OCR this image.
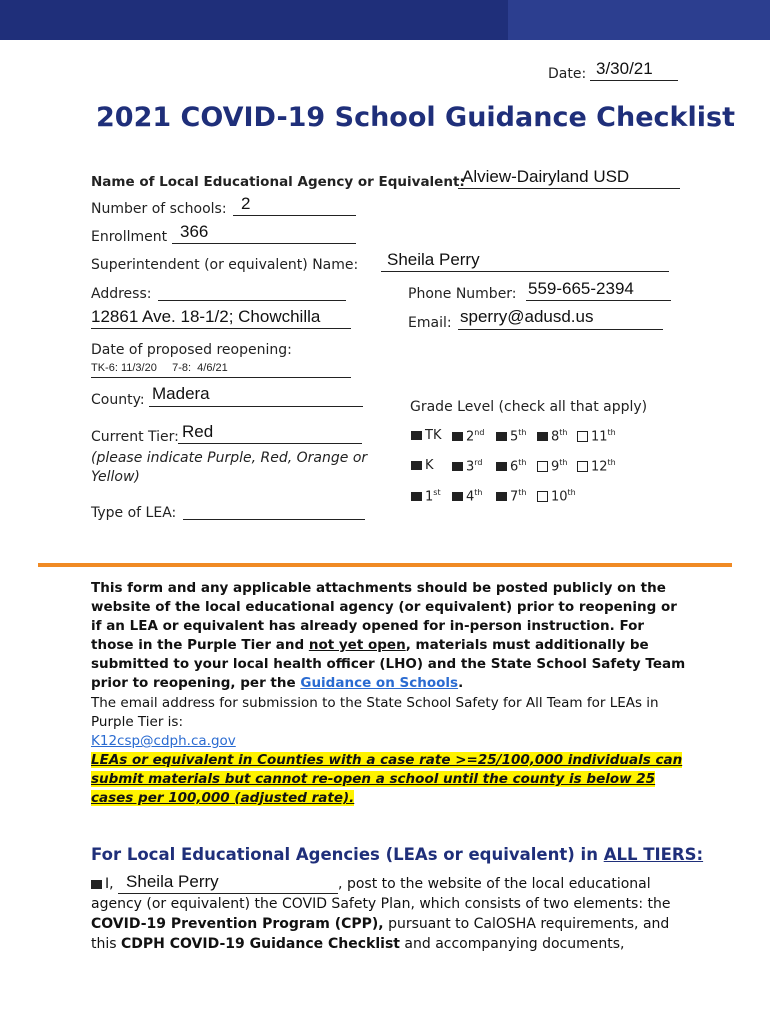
Date: 3/30/21
2021 COVID-19 School Guidance Checklist
Name of Local Educational Agency or Equivalent:
Alview-Dairyland USD
Number of schools: 2
Enrollment 366
Superintendent (or equivalent) Name: Sheila Perry
Address:
12861 Ave. 18-1/2; Chowchilla
Phone Number: 559-665-2394
Email: sperry@adusd.us
Date of proposed reopening:
TK-6: 11/3/20     7-8:  4/6/21
County: Madera
Grade Level (check all that apply)
Current Tier: Red
(please indicate Purple, Red, Orange or Yellow)
TK	2nd	5th	8th	11th
K	3rd	6th	9th	12th
1st	4th	7th	10th
Type of LEA:
This form and any applicable attachments should be posted publicly on the website of the local educational agency (or equivalent) prior to reopening or if an LEA or equivalent has already opened for in-person instruction. For those in the Purple Tier and not yet open, materials must additionally be submitted to your local health officer (LHO) and the State School Safety Team prior to reopening, per the Guidance on Schools.
The email address for submission to the State School Safety for All Team for LEAs in Purple Tier is:
K12csp@cdph.ca.gov
LEAs or equivalent in Counties with a case rate >=25/100,000 individuals can submit materials but cannot re-open a school until the county is below 25 cases per 100,000 (adjusted rate).
For Local Educational Agencies (LEAs or equivalent) in ALL TIERS:
I, Sheila Perry	, post to the website of the local educational agency (or equivalent) the COVID Safety Plan, which consists of two elements: the COVID-19 Prevention Program (CPP), pursuant to CalOSHA requirements, and this CDPH COVID-19 Guidance Checklist and accompanying documents,
